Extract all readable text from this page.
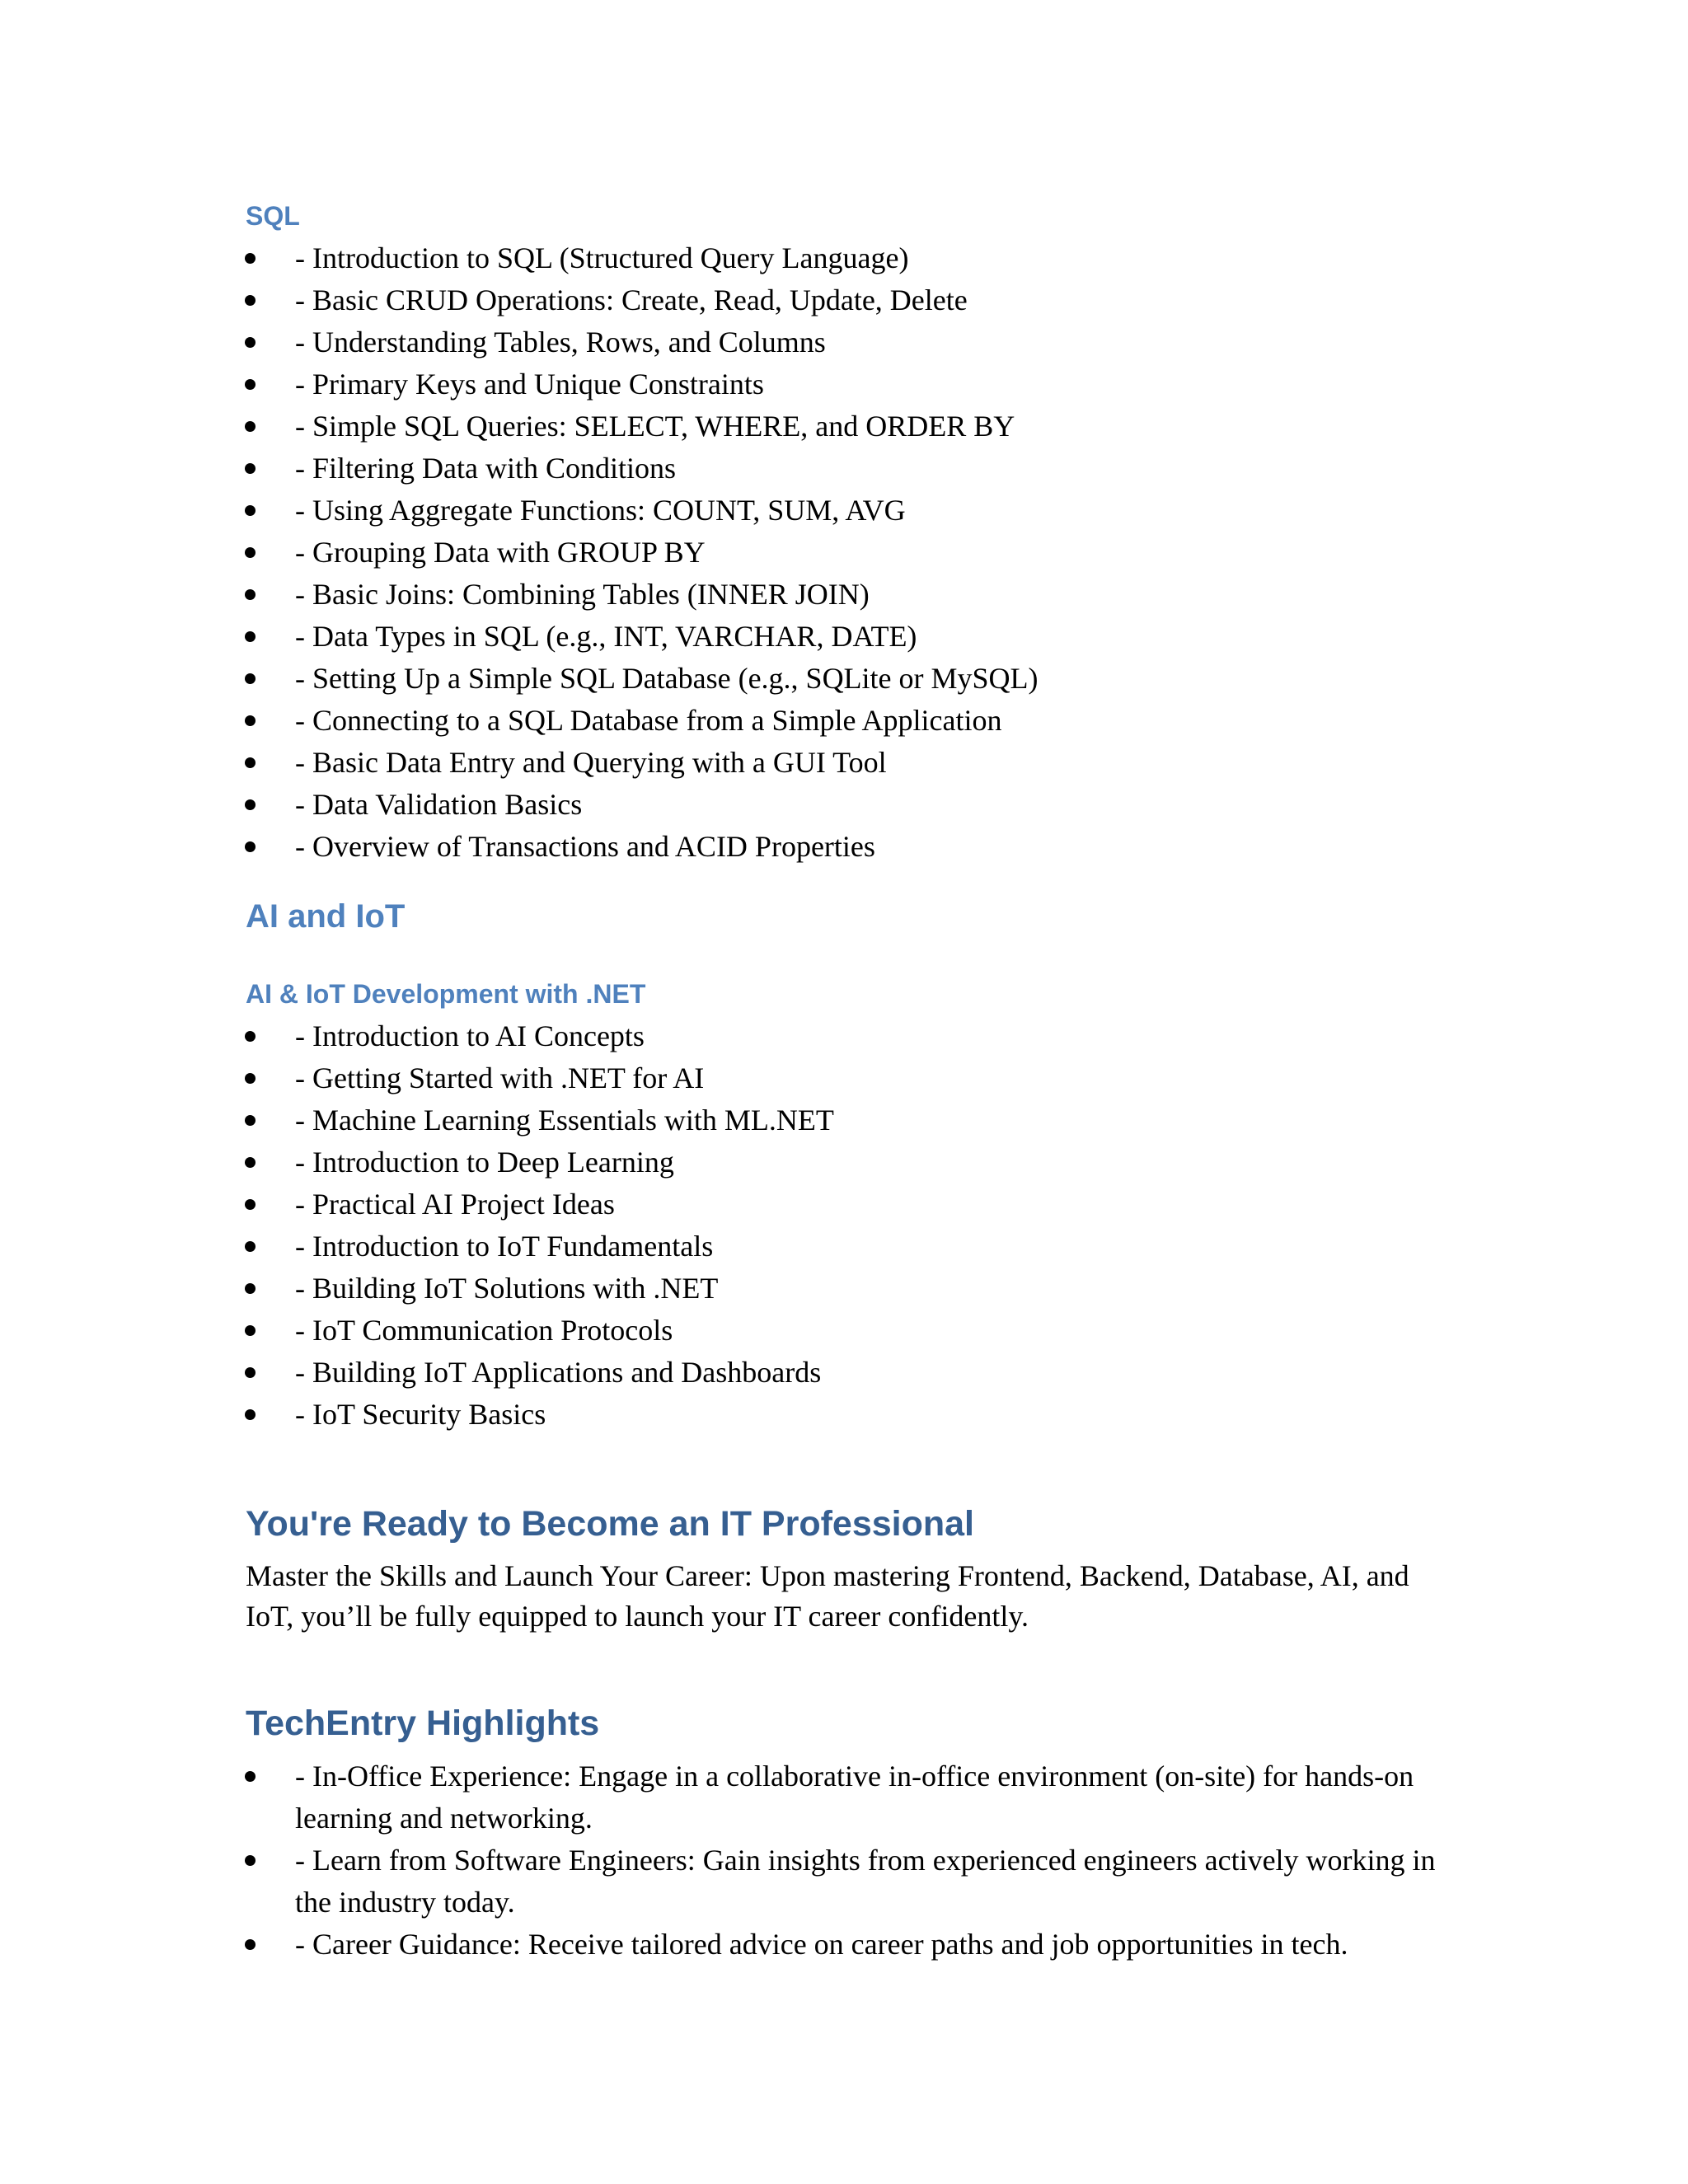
SQL
- Introduction to SQL (Structured Query Language)
- Basic CRUD Operations: Create, Read, Update, Delete
- Understanding Tables, Rows, and Columns
- Primary Keys and Unique Constraints
- Simple SQL Queries: SELECT, WHERE, and ORDER BY
- Filtering Data with Conditions
- Using Aggregate Functions: COUNT, SUM, AVG
- Grouping Data with GROUP BY
- Basic Joins: Combining Tables (INNER JOIN)
- Data Types in SQL (e.g., INT, VARCHAR, DATE)
- Setting Up a Simple SQL Database (e.g., SQLite or MySQL)
- Connecting to a SQL Database from a Simple Application
- Basic Data Entry and Querying with a GUI Tool
- Data Validation Basics
- Overview of Transactions and ACID Properties
AI and IoT
AI & IoT Development with .NET
- Introduction to AI Concepts
- Getting Started with .NET for AI
- Machine Learning Essentials with ML.NET
- Introduction to Deep Learning
- Practical AI Project Ideas
- Introduction to IoT Fundamentals
- Building IoT Solutions with .NET
- IoT Communication Protocols
- Building IoT Applications and Dashboards
- IoT Security Basics
You're Ready to Become an IT Professional

Master the Skills and Launch Your Career: Upon mastering Frontend, Backend, Database, AI, and IoT, you’ll be fully equipped to launch your IT career confidently.

TechEntry Highlights
- In-Office Experience: Engage in a collaborative in-office environment (on-site) for hands-on learning and networking.
- Learn from Software Engineers: Gain insights from experienced engineers actively working in the industry today.
- Career Guidance: Receive tailored advice on career paths and job opportunities in tech.
